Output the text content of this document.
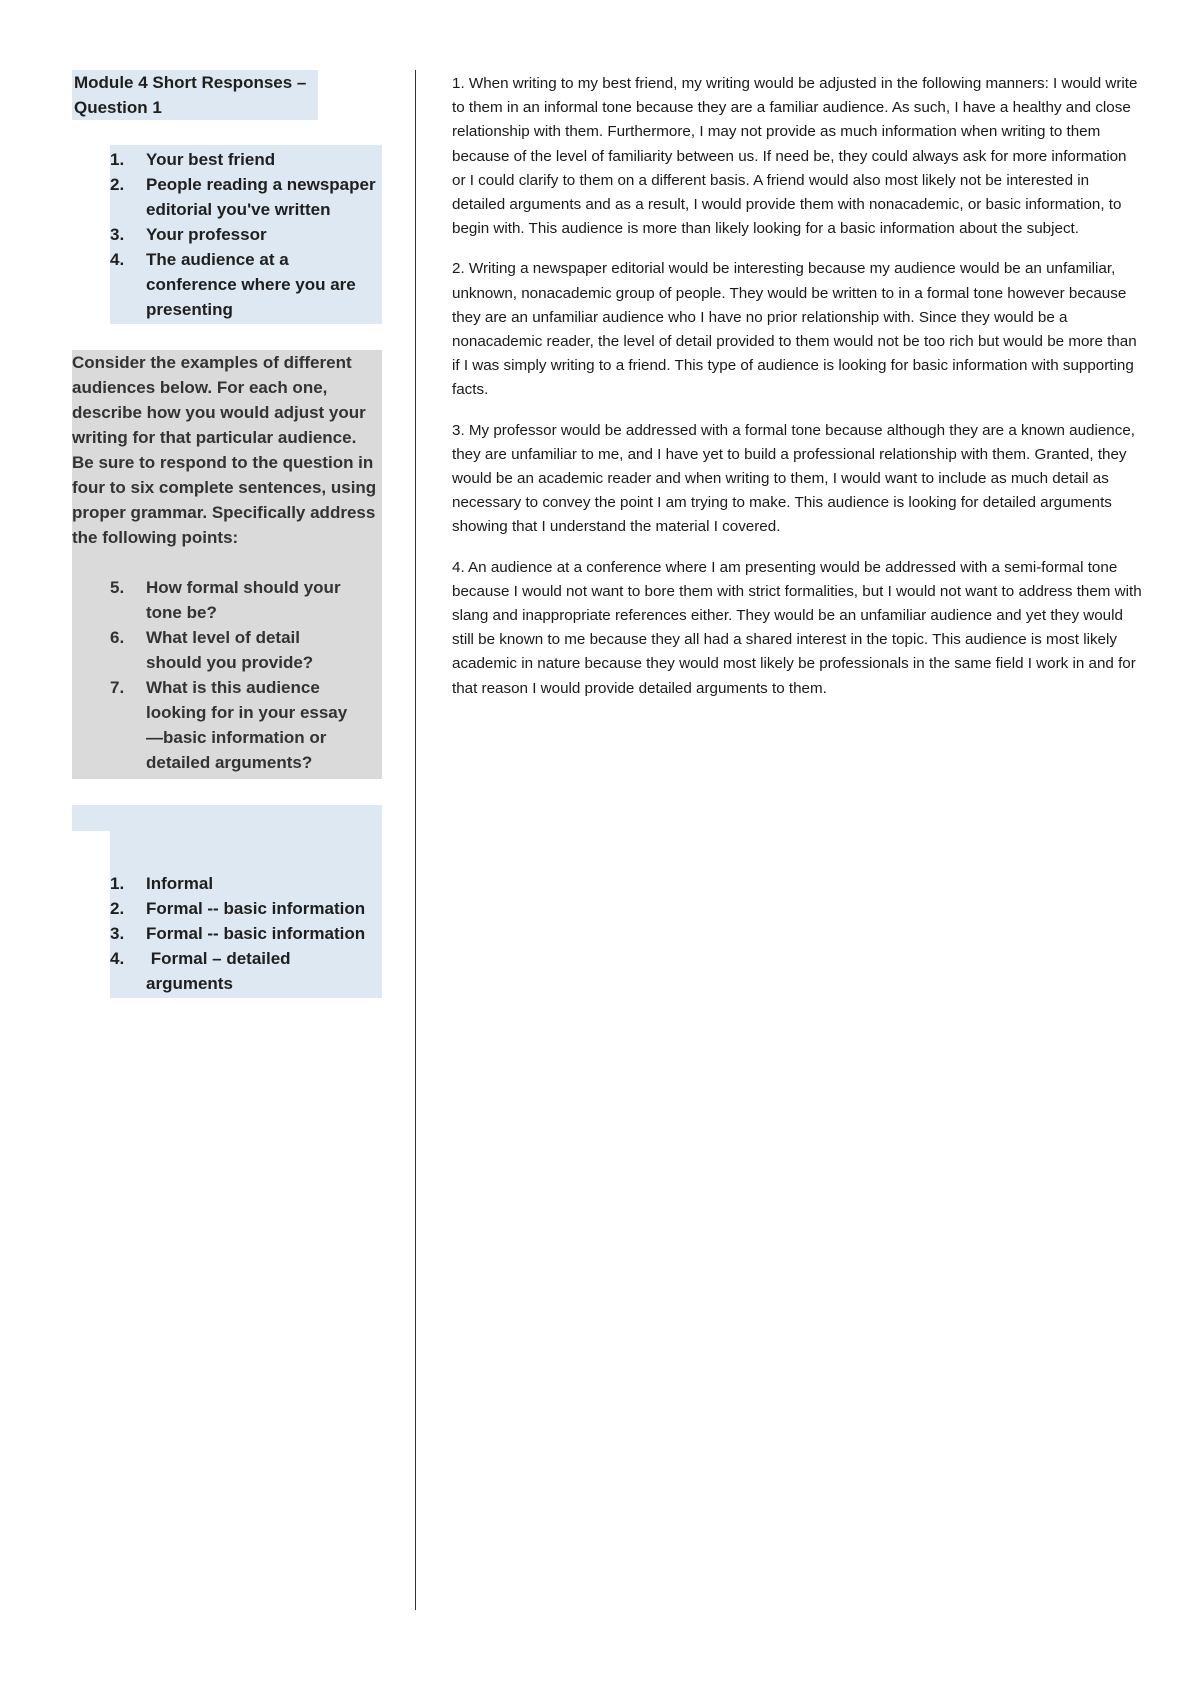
Module 4 Short Responses – Question 1
1.	Your best friend
2.	People reading a newspaper editorial you've written
3.	Your professor
4.	The audience at a conference where you are presenting
Consider the examples of different audiences below. For each one, describe how you would adjust your writing for that particular audience. Be sure to respond to the question in four to six complete sentences, using proper grammar. Specifically address the following points:
5.	How formal should your tone be?
6.	What level of detail should you provide?
7.	What is this audience looking for in your essay—basic information or detailed arguments?
1.	Informal
2.	Formal -- basic information
3.	Formal -- basic information
4.	Formal – detailed arguments

1. When writing to my best friend, my writing would be adjusted in the following manners: I would write to them in an informal tone because they are a familiar audience. As such, I have a healthy and close relationship with them. Furthermore, I may not provide as much information when writing to them because of the level of familiarity between us. If need be, they could always ask for more information or I could clarify to them on a different basis. A friend would also most likely not be interested in detailed arguments and as a result, I would provide them with nonacademic, or basic information, to begin with. This audience is more than likely looking for a basic information about the subject.

2. Writing a newspaper editorial would be interesting because my audience would be an unfamiliar, unknown, nonacademic group of people. They would be written to in a formal tone however because they are an unfamiliar audience who I have no prior relationship with. Since they would be a nonacademic reader, the level of detail provided to them would not be too rich but would be more than if I was simply writing to a friend. This type of audience is looking for basic information with supporting facts.

3. My professor would be addressed with a formal tone because although they are a known audience, they are unfamiliar to me, and I have yet to build a professional relationship with them. Granted, they would be an academic reader and when writing to them, I would want to include as much detail as necessary to convey the point I am trying to make. This audience is looking for detailed arguments showing that I understand the material I covered.

4. An audience at a conference where I am presenting would be addressed with a semi-formal tone because I would not want to bore them with strict formalities, but I would not want to address them with slang and inappropriate references either. They would be an unfamiliar audience and yet they would still be known to me because they all had a shared interest in the topic. This audience is most likely academic in nature because they would most likely be professionals in the same field I work in and for that reason I would provide detailed arguments to them.
